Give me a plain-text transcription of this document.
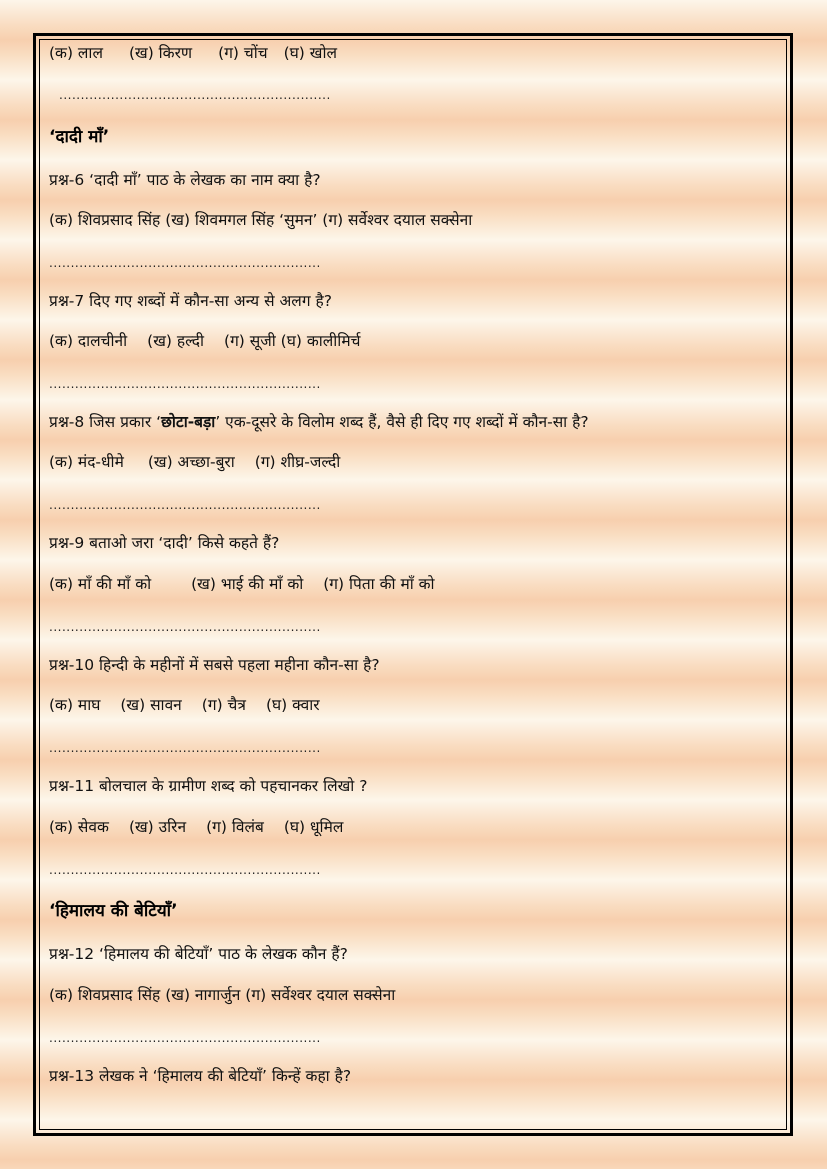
(क) लाल (ख) किरण (ग) चोंच (घ) खोल
...............................................................
‘दादी माँ’
प्रश्न-6 ‘दादी माँ’ पाठ के लेखक का नाम क्या है?
(क) शिवप्रसाद सिंह (ख) शिवमगल सिंह ‘सुमन’ (ग) सर्वेश्वर दयाल सक्सेना
...............................................................
प्रश्न-7 दिए गए शब्दों में कौन-सा अन्य से अलग है?
(क) दालचीनी (ख) हल्दी (ग) सूजी (घ) कालीमिर्च
...............................................................
प्रश्न-8 जिस प्रकार ‘छोटा-बड़ा’ एक-दूसरे के विलोम शब्द हैं, वैसे ही दिए गए शब्दों में कौन-सा है?
(क) मंद-धीमे (ख) अच्छा-बुरा (ग) शीघ्र-जल्दी
...............................................................
प्रश्न-9 बताओ जरा ‘दादी’ किसे कहते हैं?
(क) माँ की माँ को	(ख) भाई की माँ को (ग) पिता की माँ को
...............................................................
प्रश्न-10 हिन्दी के महीनों में सबसे पहला महीना कौन-सा है?
(क) माघ (ख) सावन (ग) चैत्र (घ) क्वार
...............................................................
प्रश्न-11 बोलचाल के ग्रामीण शब्द को पहचानकर लिखो ?
(क) सेवक (ख) उरिन (ग) विलंब (घ) धूमिल
...............................................................
‘हिमालय की बेटियाँ’
प्रश्न-12 ‘हिमालय की बेटियाँ’ पाठ के लेखक कौन हैं?
(क) शिवप्रसाद सिंह (ख) नागार्जुन (ग) सर्वेश्वर दयाल सक्सेना
...............................................................
प्रश्न-13 लेखक ने ‘हिमालय की बेटियाँ’ किन्हें कहा है?
